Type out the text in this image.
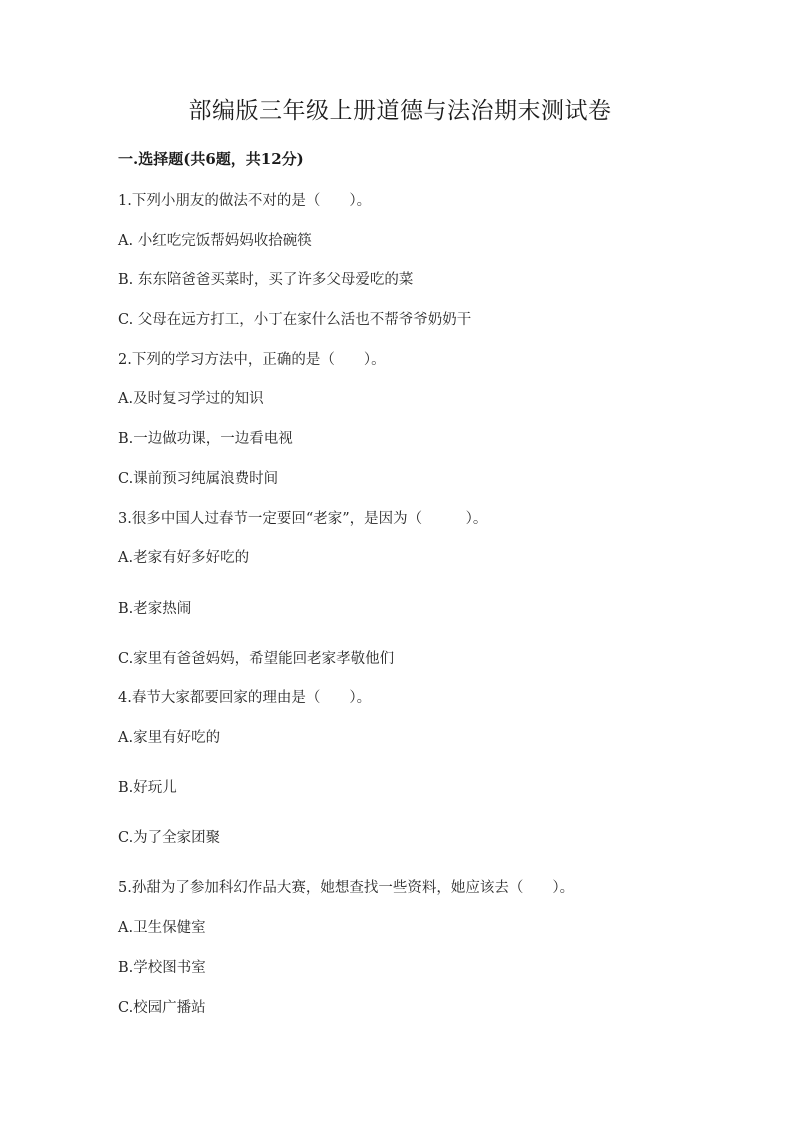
部编版三年级上册道德与法治期末测试卷
一.选择题(共6题，共12分)
1.下列小朋友的做法不对的是（　　）。
A. 小红吃完饭帮妈妈收拾碗筷
B. 东东陪爸爸买菜时，买了许多父母爱吃的菜
C. 父母在远方打工，小丁在家什么活也不帮爷爷奶奶干
2.下列的学习方法中，正确的是（　　）。
A.及时复习学过的知识
B.一边做功课，一边看电视
C.课前预习纯属浪费时间
3.很多中国人过春节一定要回“老家”，是因为（　　　）。
A.老家有好多好吃的
B.老家热闹
C.家里有爸爸妈妈，希望能回老家孝敬他们
4.春节大家都要回家的理由是（　　）。
A.家里有好吃的
B.好玩儿
C.为了全家团聚
5.孙甜为了参加科幻作品大赛，她想查找一些资料，她应该去（　　）。
A.卫生保健室
B.学校图书室
C.校园广播站
